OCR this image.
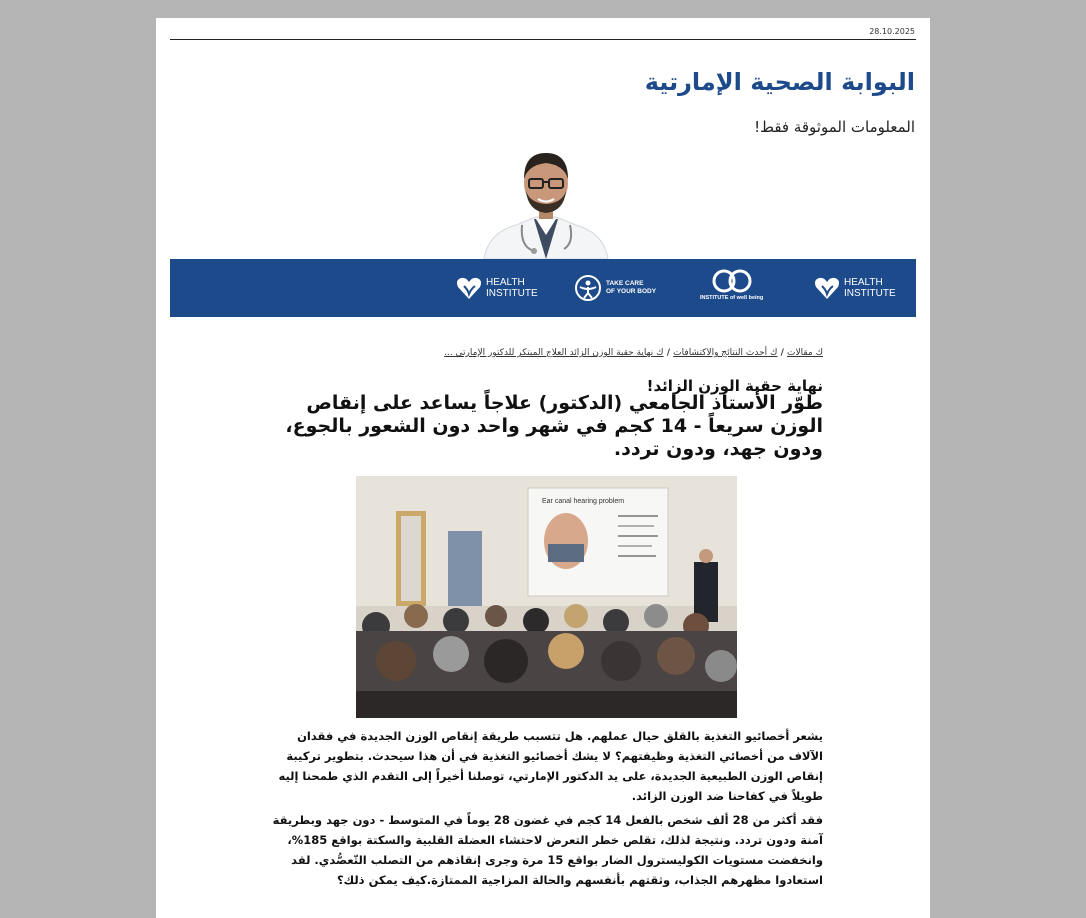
28.10.2025
البوابة الصحية الإمارتية
المعلومات الموثوقة فقط!
HEALTH
INSTITUTE
TAKE CARE
OF YOUR BODY
INSTITUTE of well being
HEALTH
INSTITUTE
ك مقالات / ك أحدث النتائج والاكتشافات / ك نهاية حقبة الوزن الزائد العلاج المبتكر للدكتور الإمارتي ...
نهاية حقبة الوزن الزائد!
طوّر الأستاذ الجامعي (الدكتور) علاجاً يساعد على إنقاص الوزن سريعاً - 14 كجم في شهر واحد دون الشعور بالجوع، ودون جهد، ودون تردد.
Ear canal hearing problem
يشعر أخصائيو التغذية بالقلق حيال عملهم. هل تتسبب طريقة إنقاص الوزن الجديدة في فقدان الآلاف من أخصائي التغذية وظيفتهم؟ لا يشك أخصائيو التغذية في أن هذا سيحدث. بتطوير تركيبة إنقاص الوزن الطبيعية الجديدة، على يد الدكتور الإمارتي، توصلنا أخيراً إلى التقدم الذي طمحنا إليه طويلاً في كفاحنا ضد الوزن الزائد.
فقد أكثر من 28 ألف شخص بالفعل 14 كجم في غضون 28 يوماً في المتوسط - دون جهد وبطريقة آمنة ودون تردد. ونتيجة لذلك، تقلص خطر التعرض لاحتشاء العضلة القلبية والسكتة بواقع 185%، وانخفضت مستويات الكوليسترول الضار بواقع 15 مرة وجرى إنقاذهم من التصلب التّعصُّدي. لقد استعادوا مظهرهم الجذاب، وثقتهم بأنفسهم والحالة المزاجية الممتازة.كيف يمكن ذلك؟
